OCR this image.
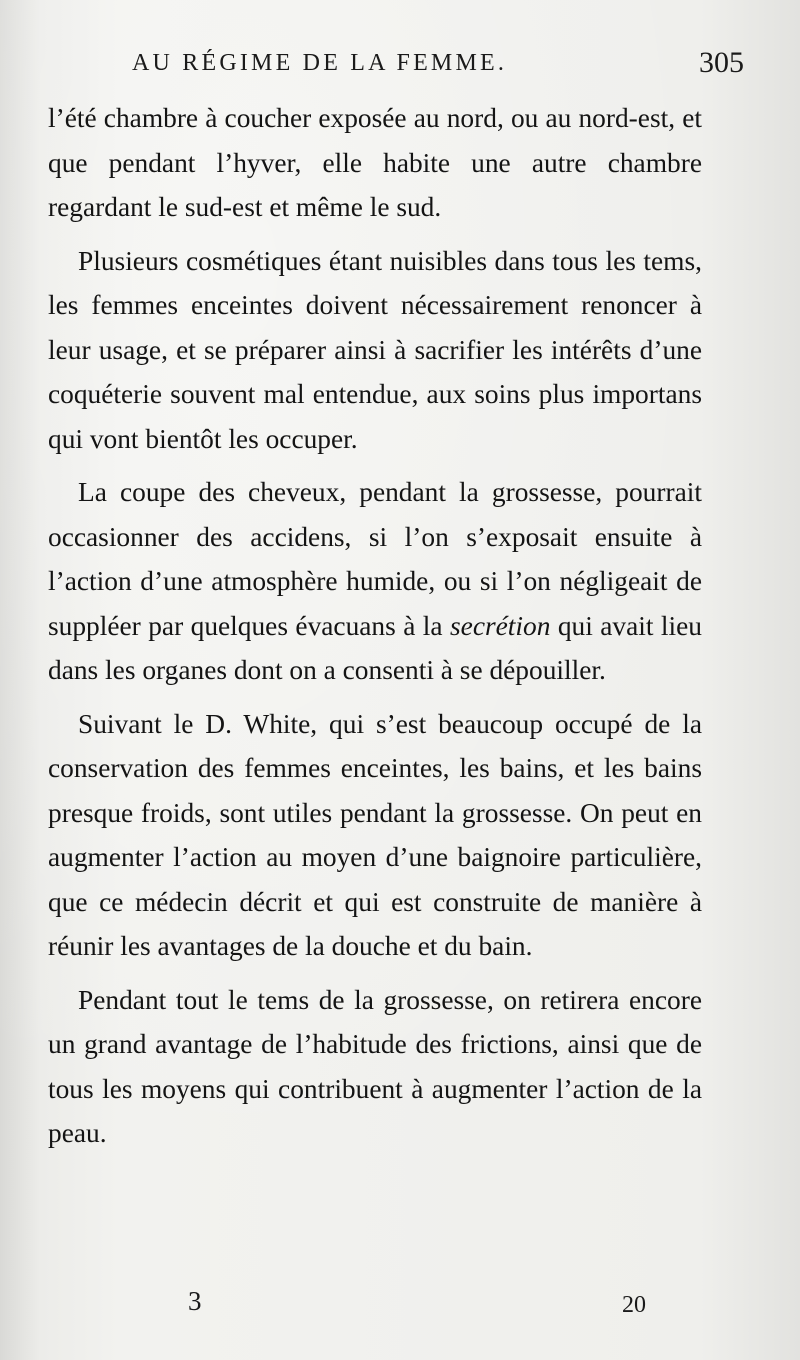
AU RÉGIME DE LA FEMME.	305

l’été chambre à coucher exposée au nord, ou au nord-est, et que pendant l’hyver, elle habite une autre chambre regardant le sud-est et même le sud.

Plusieurs cosmétiques étant nuisibles dans tous les tems, les femmes enceintes doivent nécessairement renoncer à leur usage, et se préparer ainsi à sacrifier les intérêts d’une coquéterie souvent mal entendue, aux soins plus importans qui vont bientôt les occuper.

La coupe des cheveux, pendant la grossesse, pourrait occasionner des accidens, si l’on s’exposait ensuite à l’action d’une atmosphère humide, ou si l’on négligeait de suppléer par quelques évacuans à la secrétion qui avait lieu dans les organes dont on a consenti à se dépouiller.

Suivant le D. White, qui s’est beaucoup occupé de la conservation des femmes enceintes, les bains, et les bains presque froids, sont utiles pendant la grossesse. On peut en augmenter l’action au moyen d’une baignoire particulière, que ce médecin décrit et qui est construite de manière à réunir les avantages de la douche et du bain.

Pendant tout le tems de la grossesse, on retirera encore un grand avantage de l’habitude des frictions, ainsi que de tous les moyens qui contribuent à augmenter l’action de la peau.

3	20
